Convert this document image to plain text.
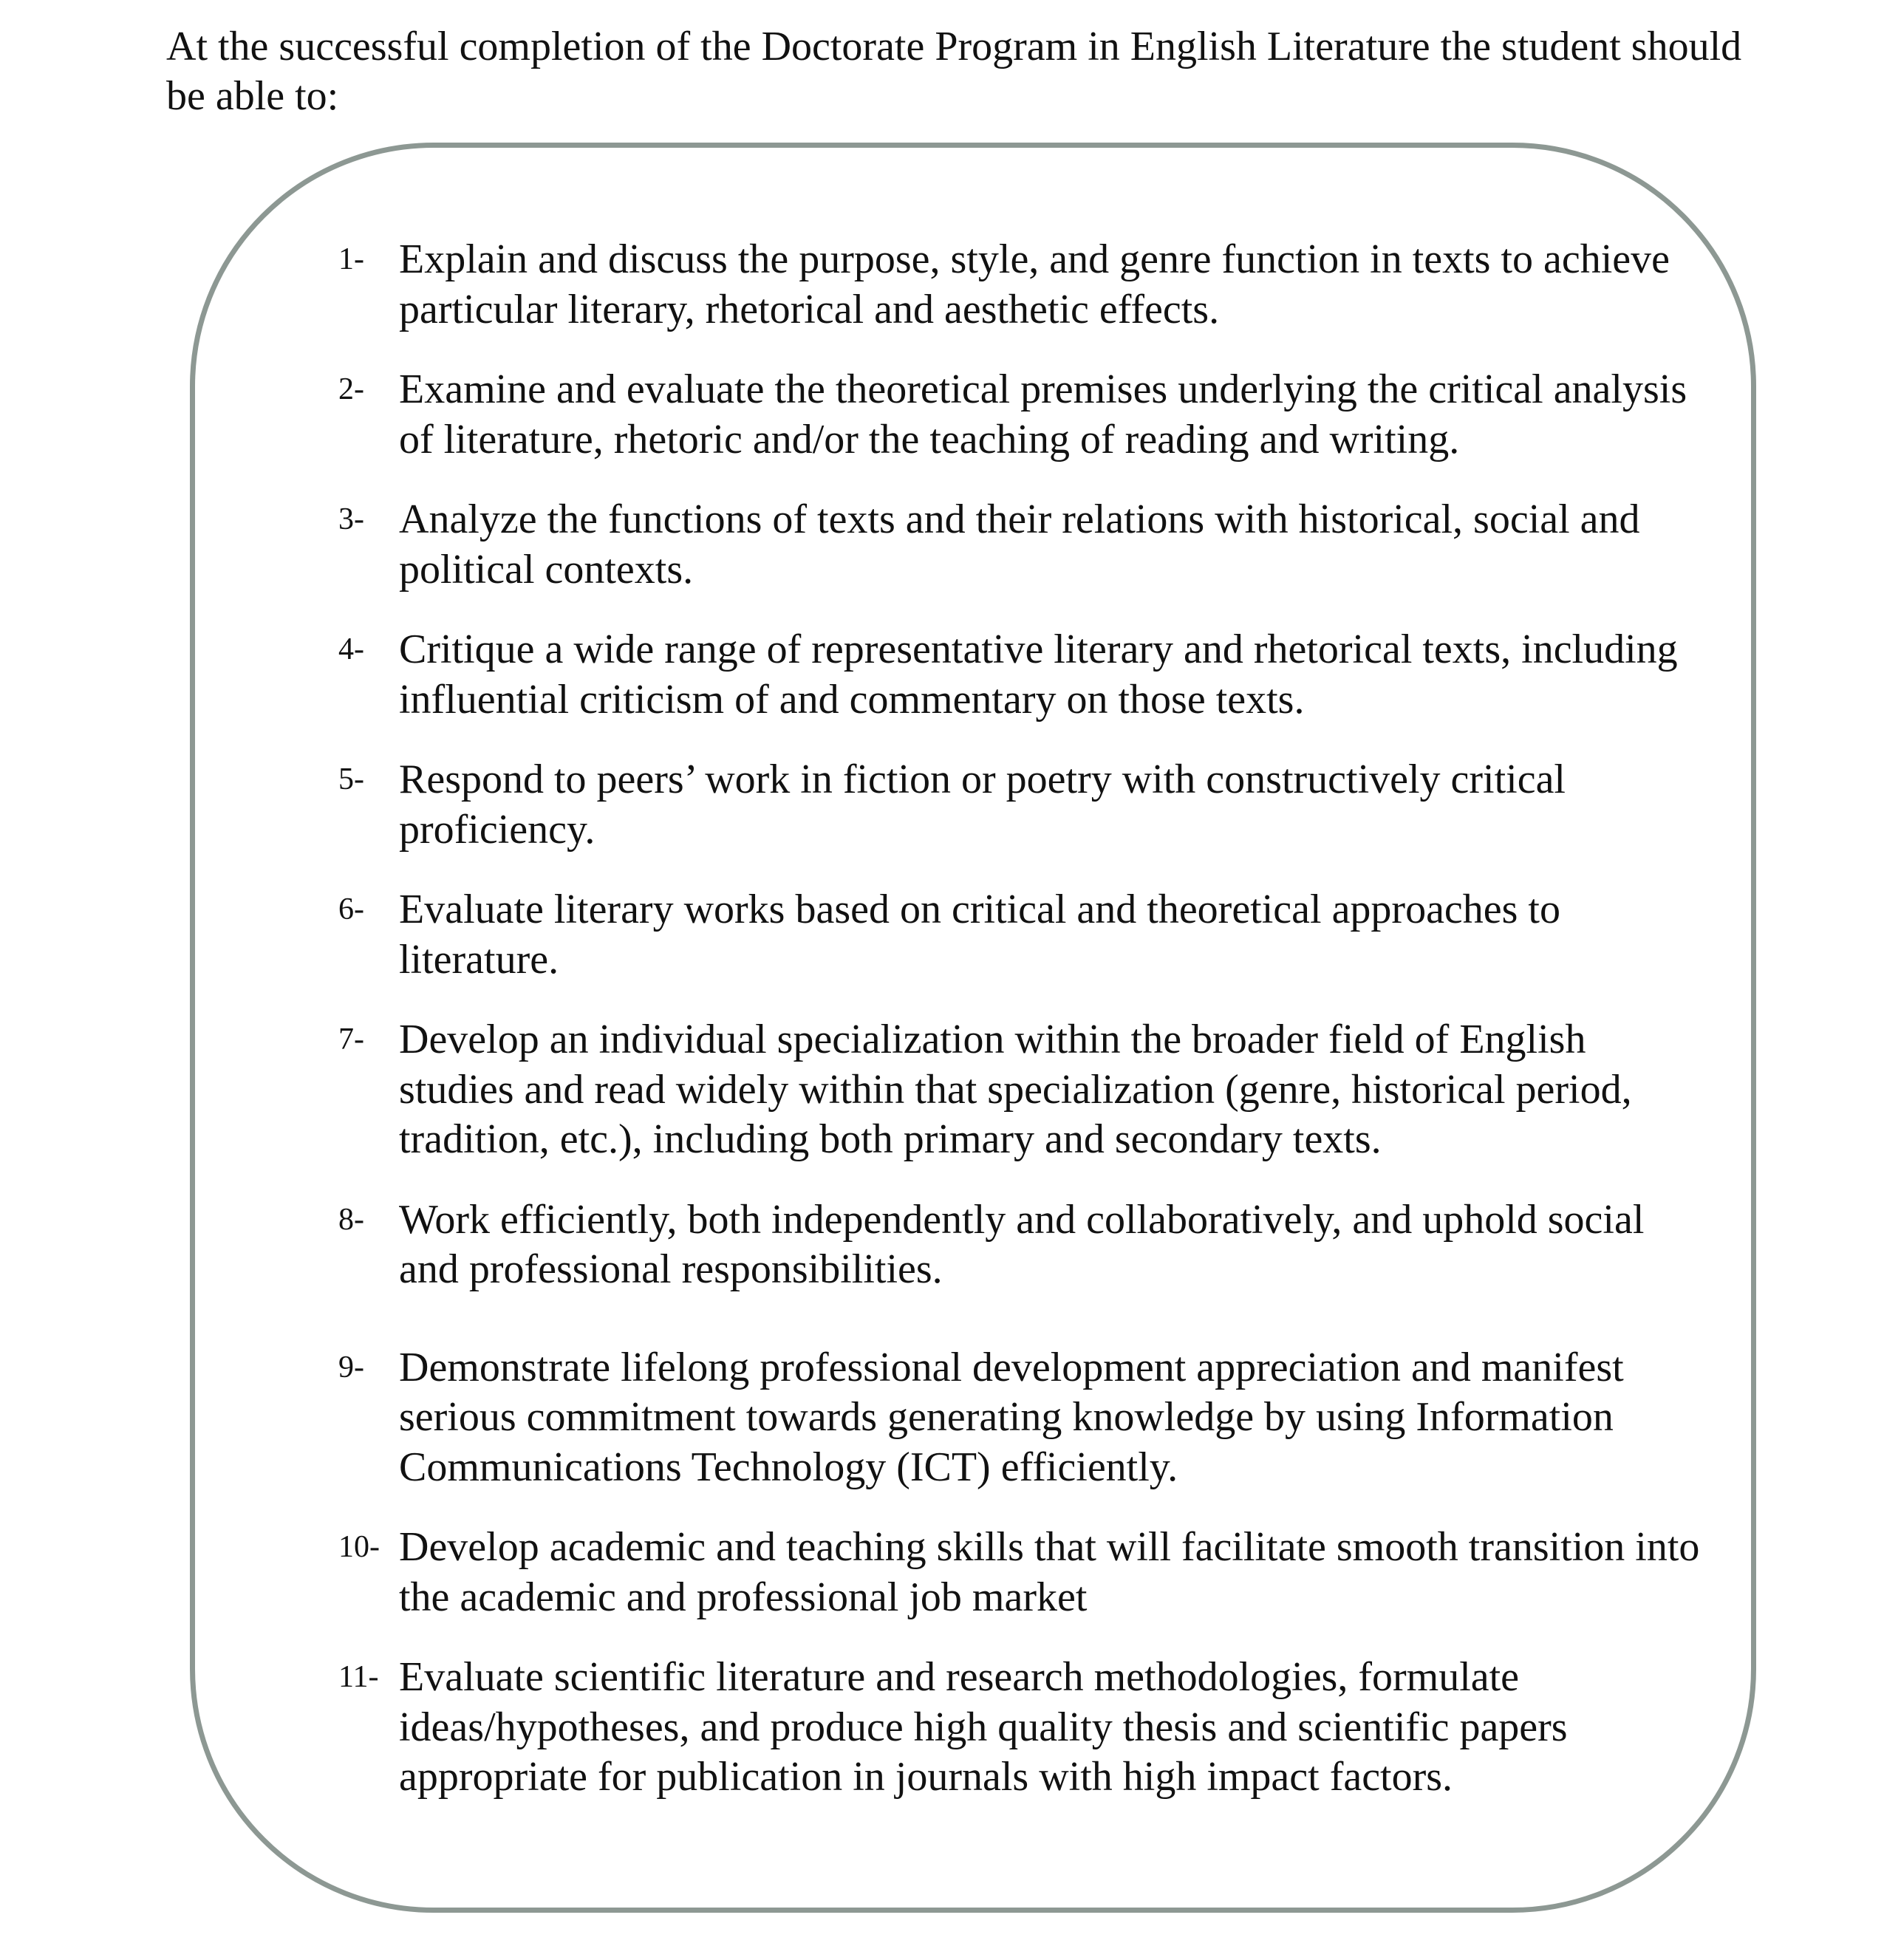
At the successful completion of the Doctorate Program in English Literature the student should be able to:

1- Explain and discuss the purpose, style, and genre function in texts to achieve particular literary, rhetorical and aesthetic effects.
2- Examine and evaluate the theoretical premises underlying the critical analysis of literature, rhetoric and/or the teaching of reading and writing.
3- Analyze the functions of texts and their relations with historical, social and political contexts.
4- Critique a wide range of representative literary and rhetorical texts, including influential criticism of and commentary on those texts.
5- Respond to peers’ work in fiction or poetry with constructively critical proficiency.
6- Evaluate literary works based on critical and theoretical approaches to literature.
7- Develop an individual specialization within the broader field of English studies and read widely within that specialization (genre, historical period, tradition, etc.), including both primary and secondary texts.
8- Work efficiently, both independently and collaboratively, and uphold social and professional responsibilities.
9- Demonstrate lifelong professional development appreciation and manifest serious commitment towards generating knowledge by using Information Communications Technology (ICT) efficiently.
10- Develop academic and teaching skills that will facilitate smooth transition into the academic and professional job market
11- Evaluate scientific literature and research methodologies, formulate ideas/hypotheses, and produce high quality thesis and scientific papers appropriate for publication in journals with high impact factors.
